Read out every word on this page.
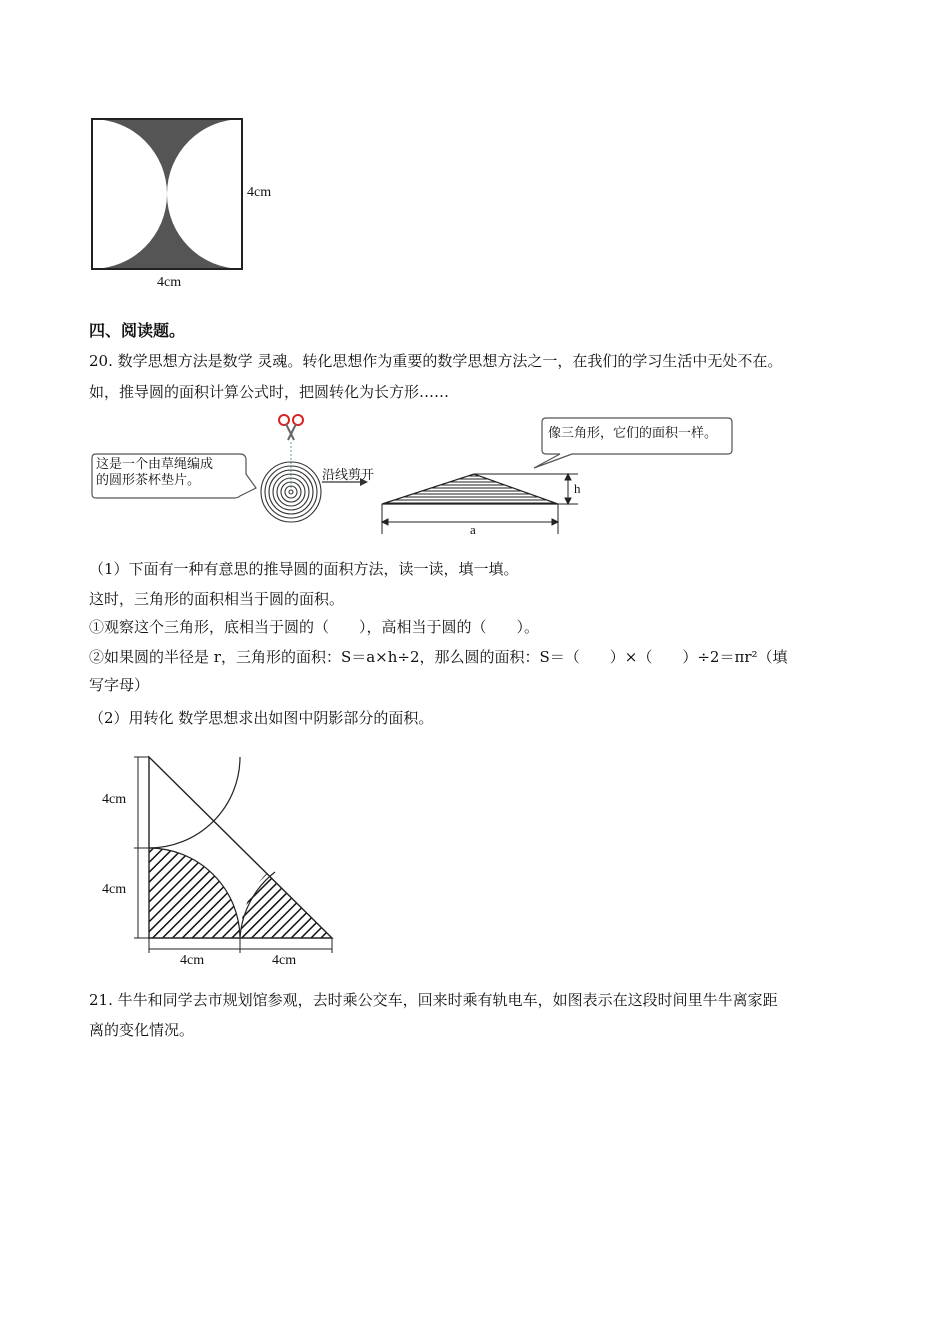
4cm
4cm
四、阅读题。
20. 数学思想方法是数学 灵魂。转化思想作为重要的数学思想方法之一，在我们的学习生活中无处不在。
如，推导圆的面积计算公式时，把圆转化为长方形……
这是一个由草绳编成
的圆形茶杯垫片。	沿线剪开
像三角形，它们的面积一样。
h
a
（1）下面有一种有意思的推导圆的面积方法，读一读，填一填。
这时，三角形的面积相当于圆的面积。
①观察这个三角形，底相当于圆的（　　），高相当于圆的（　　）。
②如果圆的半径是 r，三角形的面积：S＝a×h÷2，那么圆的面积：S＝（　　）×（　　）÷2＝πr²（填
写字母）
（2）用转化 数学思想求出如图中阴影部分的面积。
4cm
4cm
4cm	4cm
21. 牛牛和同学去市规划馆参观，去时乘公交车，回来时乘有轨电车，如图表示在这段时间里牛牛离家距
离的变化情况。
